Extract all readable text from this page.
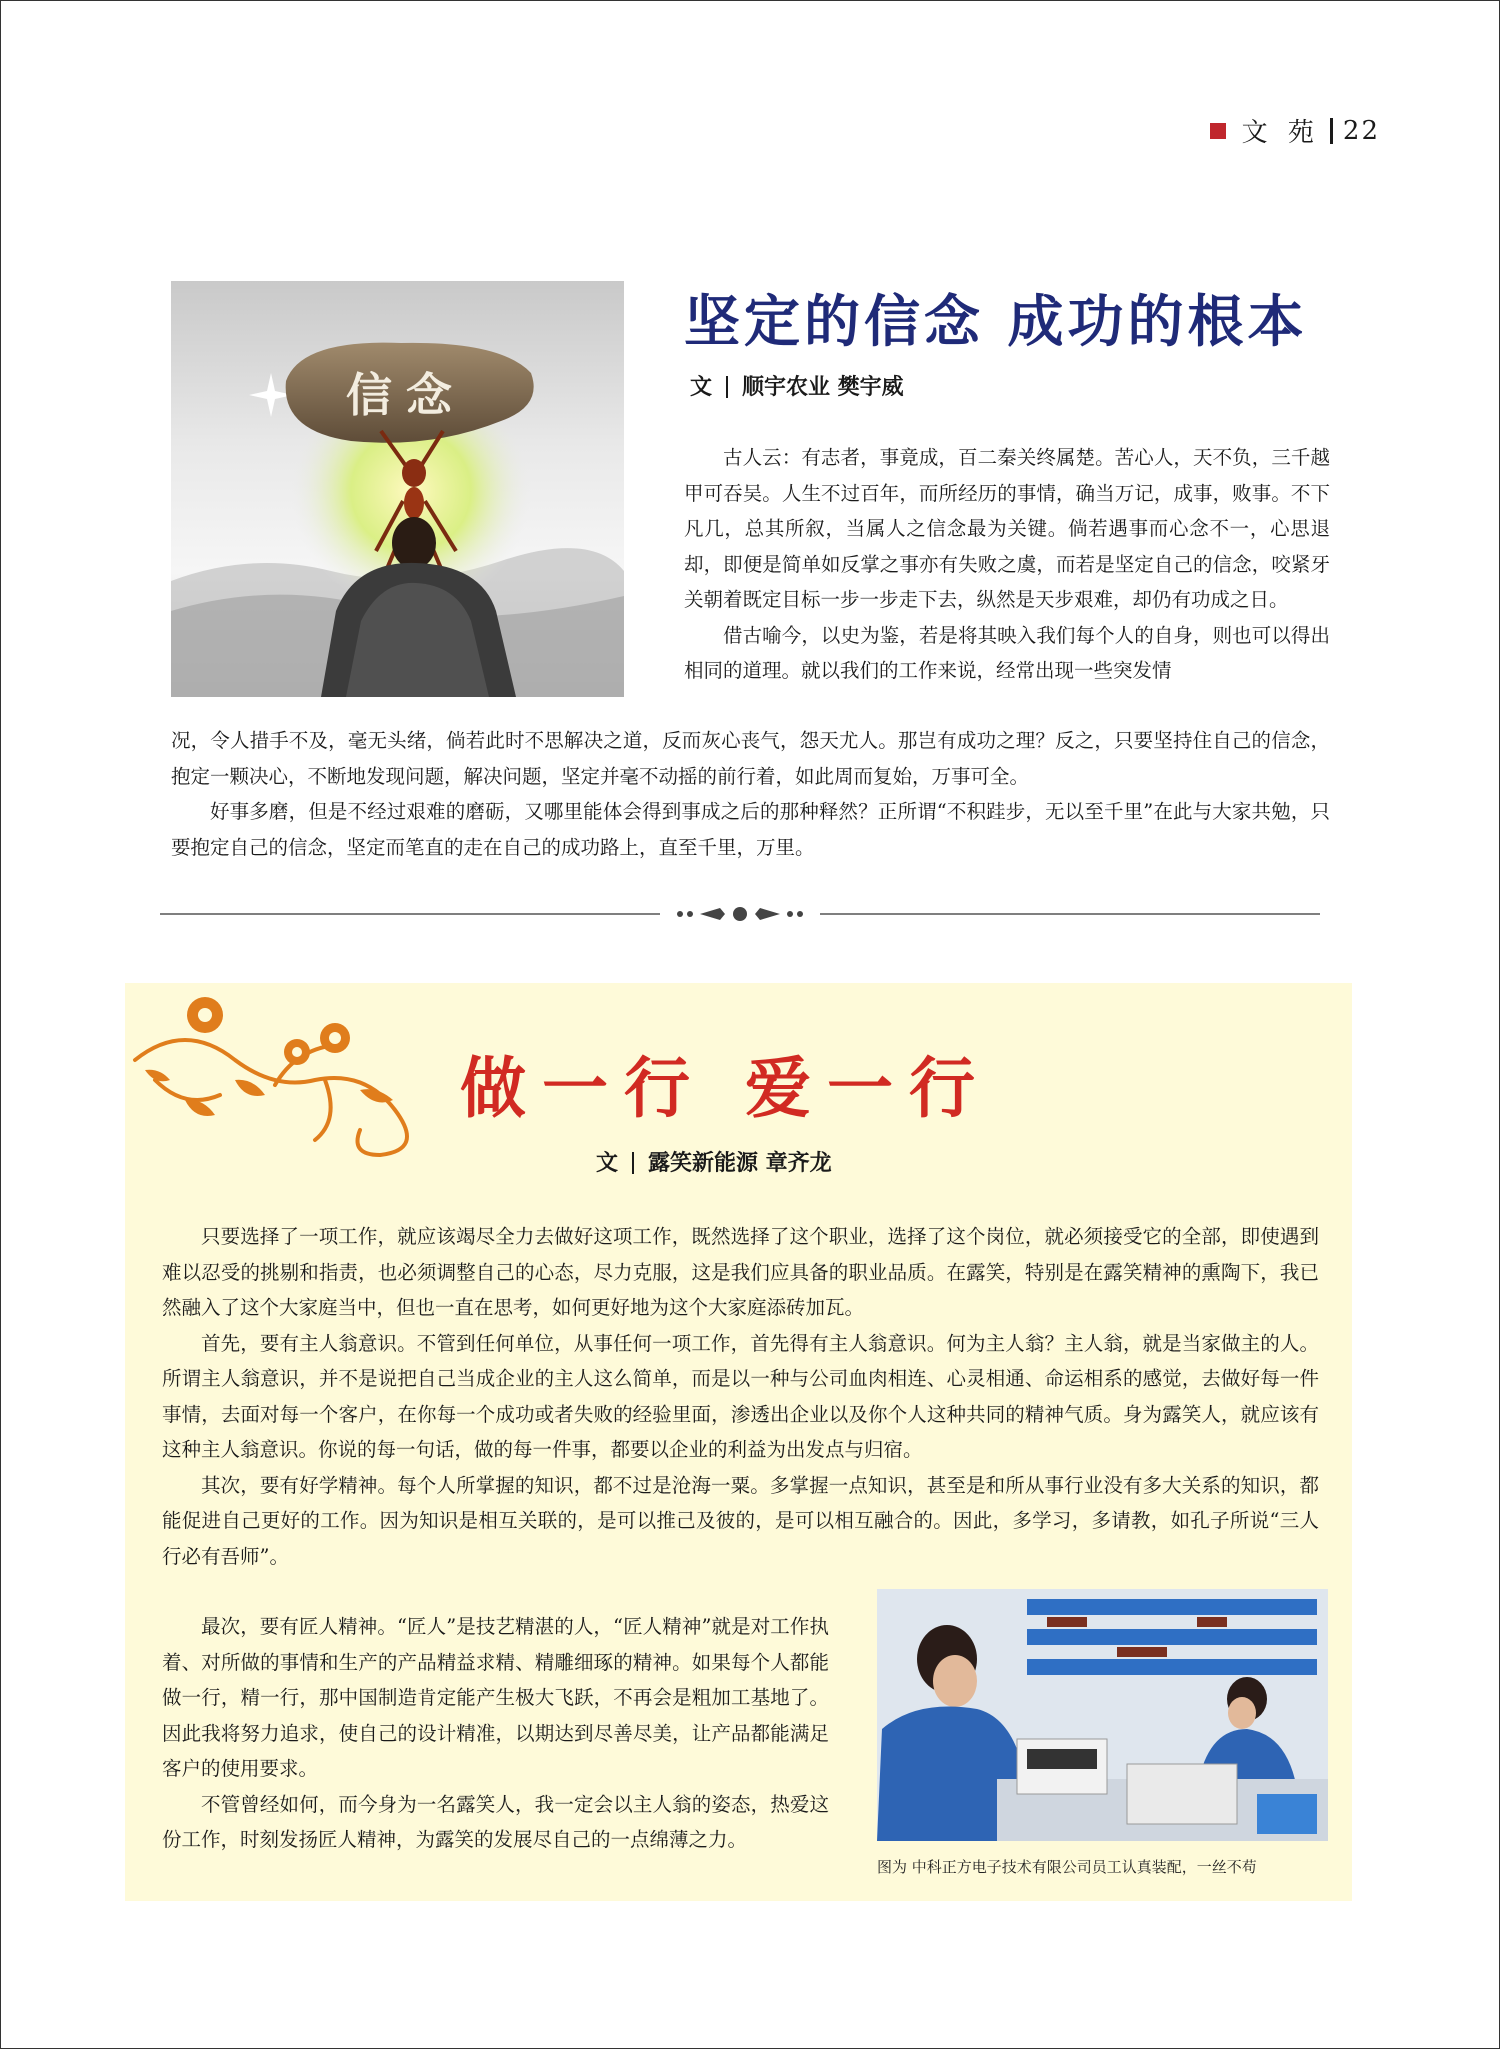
文 苑 22
信念
坚定的信念 成功的根本
文 顺宇农业 樊宇威

古人云：有志者，事竟成，百二秦关终属楚。苦心人，天不负，三千越甲可吞吴。人生不过百年，而所经历的事情，确当万记，成事，败事。不下凡几，总其所叙，当属人之信念最为关键。倘若遇事而心念不一，心思退却，即便是简单如反掌之事亦有失败之虞，而若是坚定自己的信念，咬紧牙关朝着既定目标一步一步走下去，纵然是天步艰难，却仍有功成之日。

借古喻今，以史为鉴，若是将其映入我们每个人的自身，则也可以得出相同的道理。就以我们的工作来说，经常出现一些突发情

况，令人措手不及，毫无头绪，倘若此时不思解决之道，反而灰心丧气，怨天尤人。那岂有成功之理？反之，只要坚持住自己的信念，抱定一颗决心，不断地发现问题，解决问题，坚定并毫不动摇的前行着，如此周而复始，万事可全。

好事多磨，但是不经过艰难的磨砺，又哪里能体会得到事成之后的那种释然？正所谓“不积跬步，无以至千里”在此与大家共勉，只要抱定自己的信念，坚定而笔直的走在自己的成功路上，直至千里，万里。

做一行 爱一行
文 露笑新能源 章齐龙

只要选择了一项工作，就应该竭尽全力去做好这项工作，既然选择了这个职业，选择了这个岗位，就必须接受它的全部，即使遇到难以忍受的挑剔和指责，也必须调整自己的心态，尽力克服，这是我们应具备的职业品质。在露笑，特别是在露笑精神的熏陶下，我已然融入了这个大家庭当中，但也一直在思考，如何更好地为这个大家庭添砖加瓦。

首先，要有主人翁意识。不管到任何单位，从事任何一项工作，首先得有主人翁意识。何为主人翁？主人翁，就是当家做主的人。所谓主人翁意识，并不是说把自己当成企业的主人这么简单，而是以一种与公司血肉相连、心灵相通、命运相系的感觉，去做好每一件事情，去面对每一个客户，在你每一个成功或者失败的经验里面，渗透出企业以及你个人这种共同的精神气质。身为露笑人，就应该有这种主人翁意识。你说的每一句话，做的每一件事，都要以企业的利益为出发点与归宿。

其次，要有好学精神。每个人所掌握的知识，都不过是沧海一粟。多掌握一点知识，甚至是和所从事行业没有多大关系的知识，都能促进自己更好的工作。因为知识是相互关联的，是可以推己及彼的，是可以相互融合的。因此，多学习，多请教，如孔子所说“三人行必有吾师”。

最次，要有匠人精神。“匠人”是技艺精湛的人，“匠人精神”就是对工作执着、对所做的事情和生产的产品精益求精、精雕细琢的精神。如果每个人都能做一行，精一行，那中国制造肯定能产生极大飞跃，不再会是粗加工基地了。因此我将努力追求，使自己的设计精准，以期达到尽善尽美，让产品都能满足客户的使用要求。

不管曾经如何，而今身为一名露笑人，我一定会以主人翁的姿态，热爱这份工作，时刻发扬匠人精神，为露笑的发展尽自己的一点绵薄之力。

图为 中科正方电子技术有限公司员工认真装配，一丝不苟
